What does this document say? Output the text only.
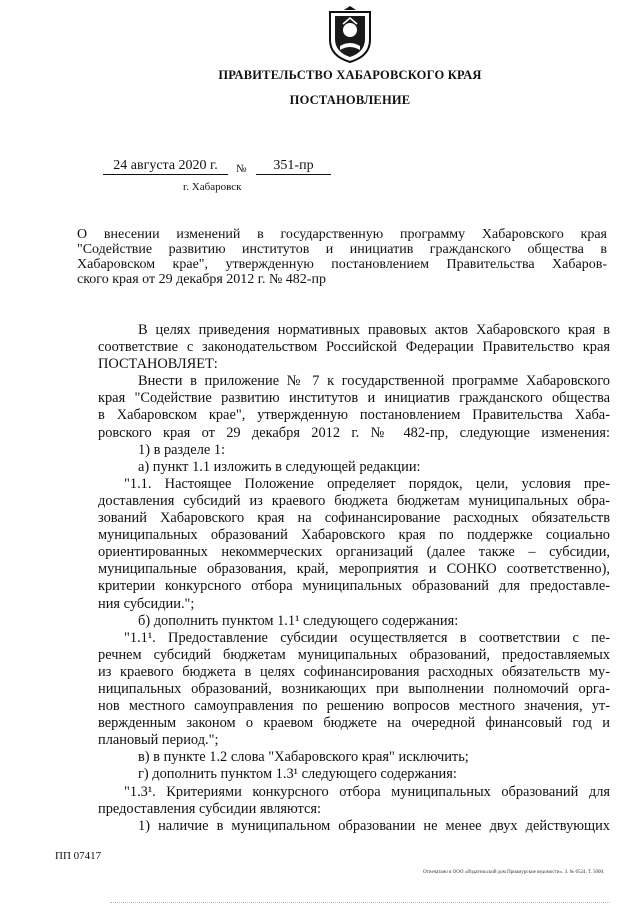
ПРАВИТЕЛЬСТВО ХАБАРОВСКОГО КРАЯ
ПОСТАНОВЛЕНИЕ
24 августа 2020 г.	№	351-пр
г. Хабаровск
О внесении изменений в государственную программу Хабаровского края
"Содействие развитию институтов и инициатив гражданского общества в
Хабаровском крае", утвержденную постановлением Правительства Хабаров-
ского края от 29 декабря 2012 г. № 482-пр
В целях приведения нормативных правовых актов Хабаровского края в
соответствие с законодательством Российской Федерации Правительство края
ПОСТАНОВЛЯЕТ:
Внести в приложение № 7 к государственной программе Хабаровского
края "Содействие развитию институтов и инициатив гражданского общества
в Хабаровском крае", утвержденную постановлением Правительства Хаба-
ровского края от 29 декабря 2012 г. № 482-пр, следующие изменения:
1) в разделе 1:
а) пункт 1.1 изложить в следующей редакции:
"1.1. Настоящее Положение определяет порядок, цели, условия пре-
доставления субсидий из краевого бюджета бюджетам муниципальных обра-
зований Хабаровского края на софинансирование расходных обязательств
муниципальных образований Хабаровского края по поддержке социально
ориентированных некоммерческих организаций (далее также – субсидии,
муниципальные образования, край, мероприятия и СОНКО соответственно),
критерии конкурсного отбора муниципальных образований для предоставле-
ния субсидии.";
б) дополнить пунктом 1.1¹ следующего содержания:
"1.1¹. Предоставление субсидии осуществляется в соответствии с пе-
речнем субсидий бюджетам муниципальных образований, предоставляемых
из краевого бюджета в целях софинансирования расходных обязательств му-
ниципальных образований, возникающих при выполнении полномочий орга-
нов местного самоуправления по решению вопросов местного значения, ут-
вержденным законом о краевом бюджете на очередной финансовый год и
плановый период.";
в) в пункте 1.2 слова "Хабаровского края" исключить;
г) дополнить пунктом 1.3¹ следующего содержания:
"1.3¹. Критериями конкурсного отбора муниципальных образований для
предоставления субсидии являются:
1) наличие в муниципальном образовании не менее двух действующих
ПП 07417
Отпечатано в ООО «Издательский дом Приамурские ведомости». З. № 6524. Т. 5000.
